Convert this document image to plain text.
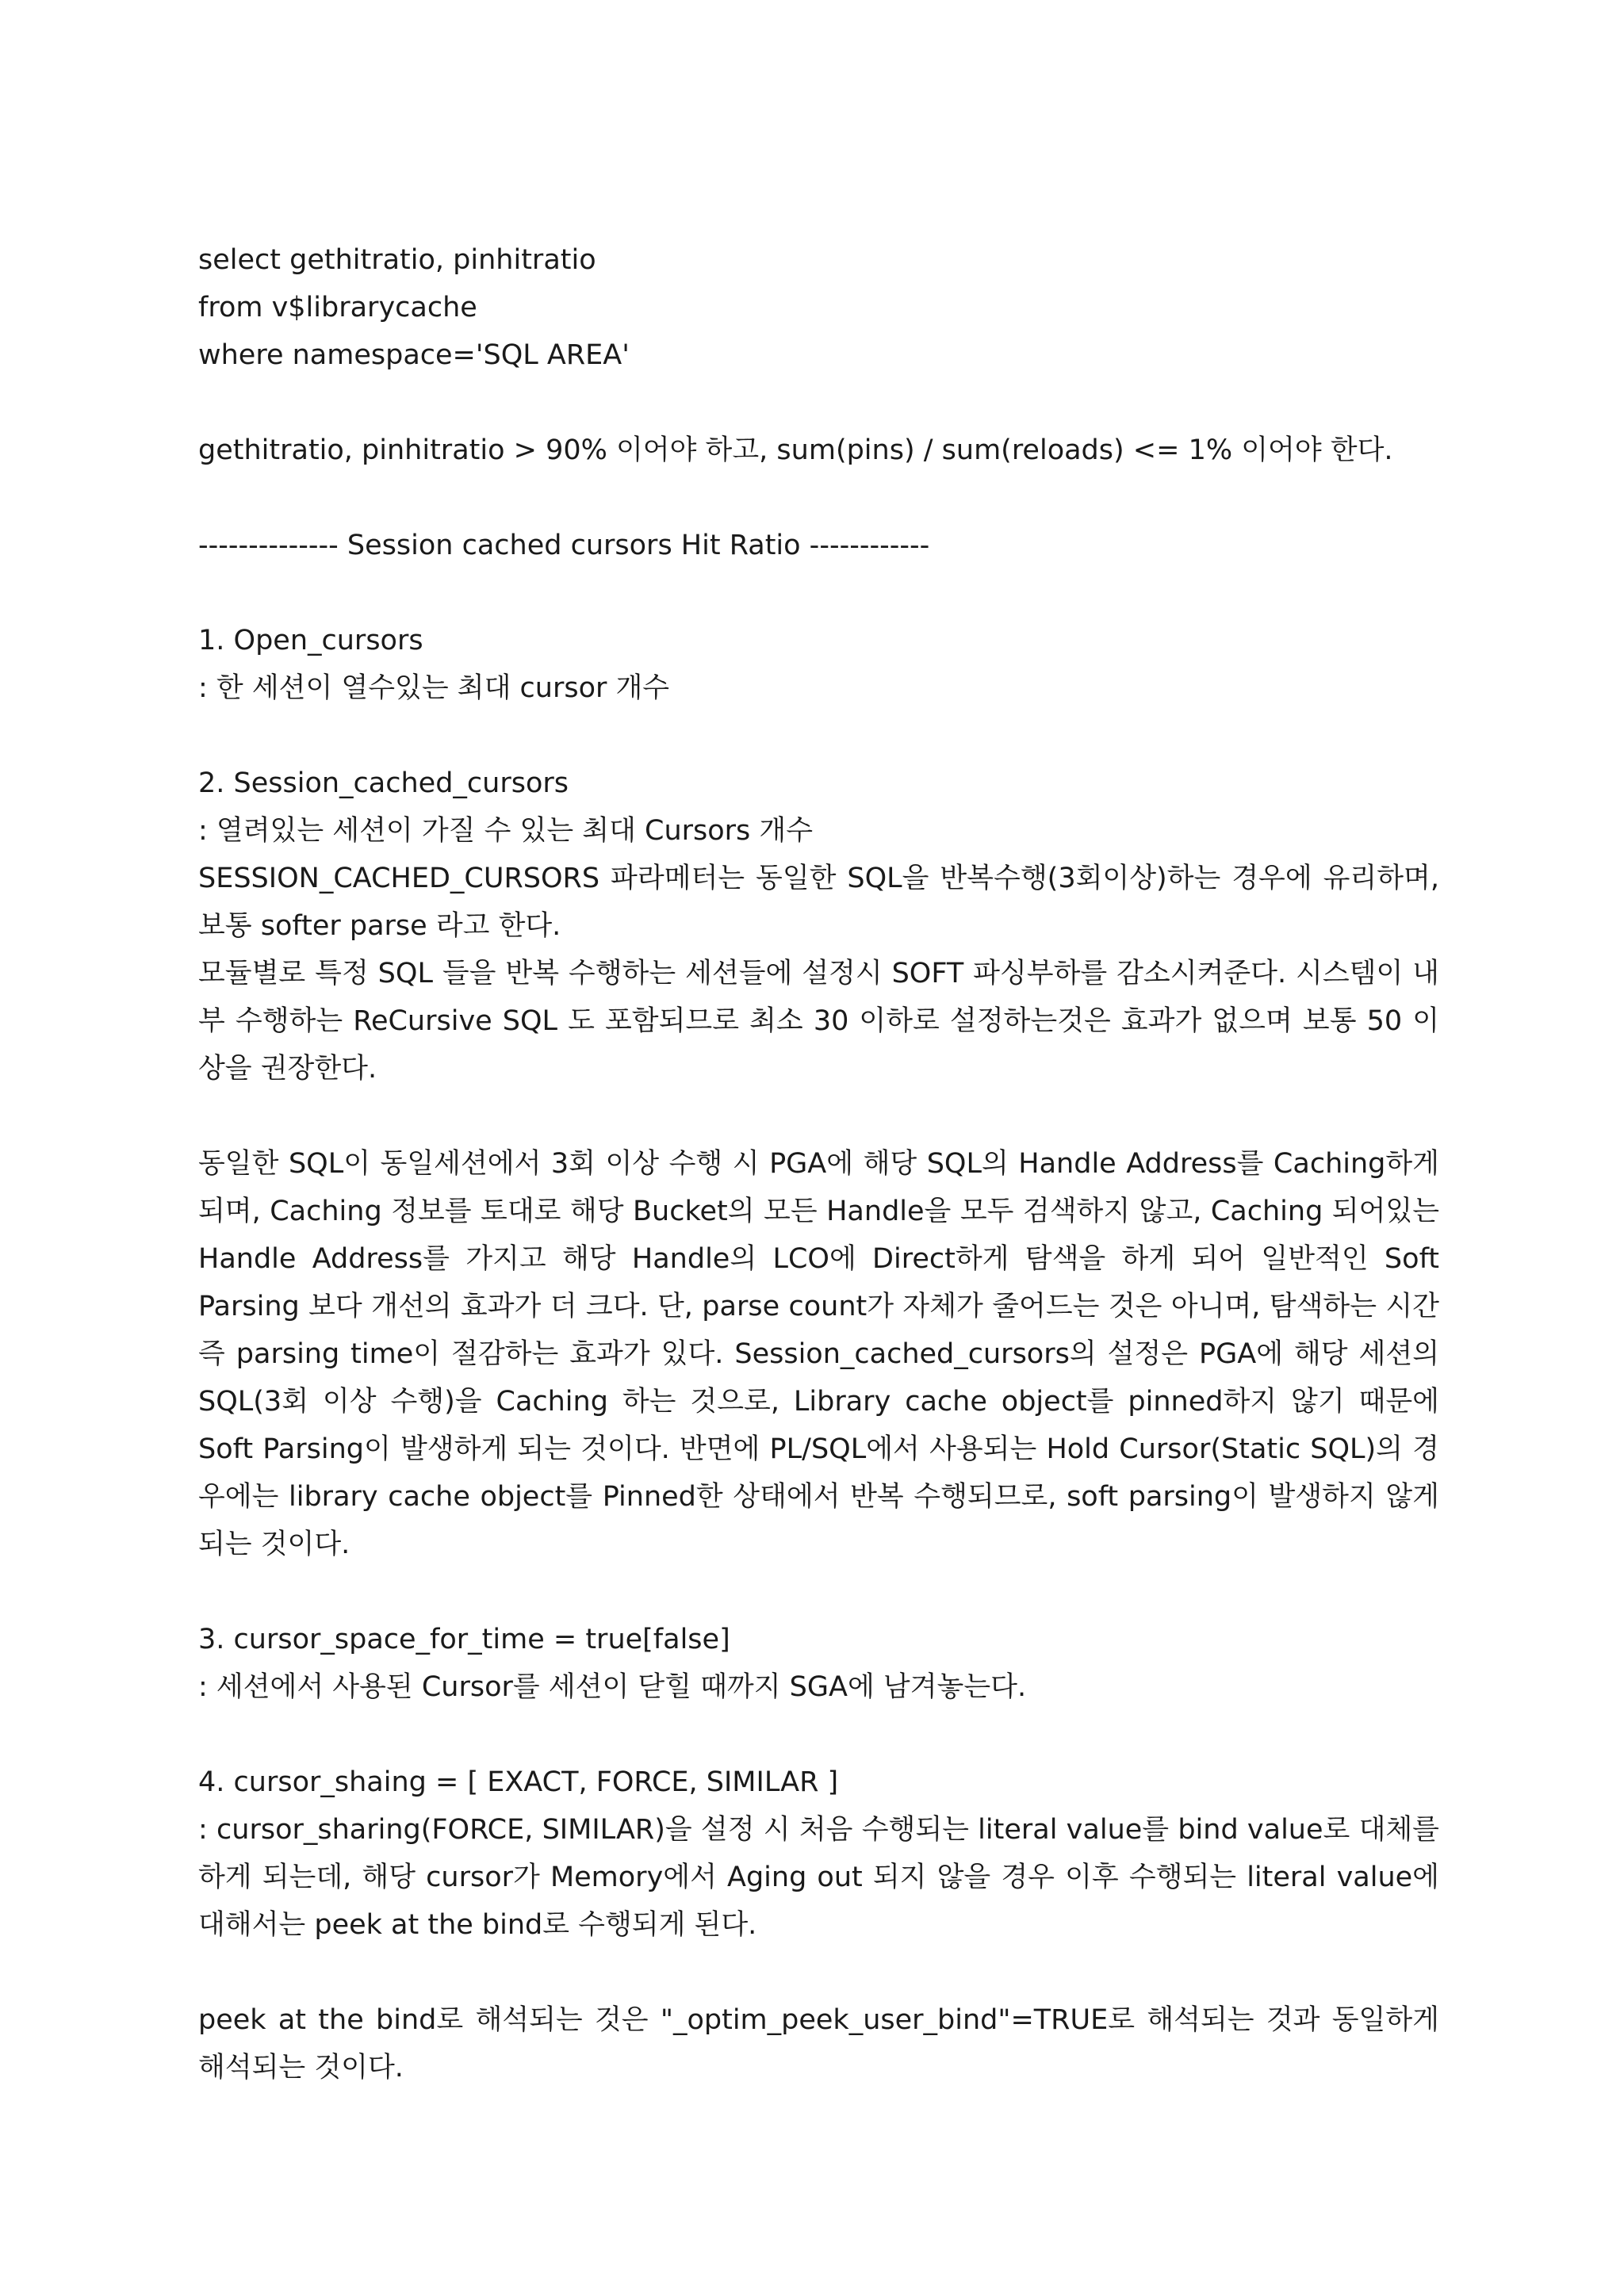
select gethitratio, pinhitratio
from v$librarycache
where namespace='SQL AREA'
gethitratio, pinhitratio > 90% 이어야 하고, sum(pins) / sum(reloads) <= 1% 이어야 한다.
-------------- Session cached cursors Hit Ratio ------------
1. Open_cursors
: 한 세션이 열수있는 최대 cursor 개수
2. Session_cached_cursors
: 열려있는 세션이 가질 수 있는 최대 Cursors 개수
SESSION_CACHED_CURSORS 파라메터는 동일한 SQL을 반복수행(3회이상)하는 경우에 유리하며, 보통 softer parse 라고 한다.
모듈별로 특정 SQL 들을 반복 수행하는 세션들에 설정시 SOFT 파싱부하를 감소시켜준다. 시스템이 내부 수행하는 ReCursive SQL 도 포함되므로 최소 30 이하로 설정하는것은 효과가 없으며 보통 50 이상을 권장한다.
동일한 SQL이 동일세션에서 3회 이상 수행 시 PGA에 해당 SQL의 Handle Address를 Caching하게 되며, Caching 정보를 토대로 해당 Bucket의 모든 Handle을 모두 검색하지 않고, Caching 되어있는 Handle Address를 가지고 해당 Handle의 LCO에 Direct하게 탐색을 하게 되어 일반적인 Soft Parsing 보다 개선의 효과가 더 크다. 단, parse count가 자체가 줄어드는 것은 아니며, 탐색하는 시간 즉 parsing time이 절감하는 효과가 있다. Session_cached_cursors의 설정은 PGA에 해당 세션의 SQL(3회 이상 수행)을 Caching 하는 것으로, Library cache object를 pinned하지 않기 때문에 Soft Parsing이 발생하게 되는 것이다. 반면에 PL/SQL에서 사용되는 Hold Cursor(Static SQL)의 경우에는 library cache object를 Pinned한 상태에서 반복 수행되므로, soft parsing이 발생하지 않게 되는 것이다.
3. cursor_space_for_time = true[false]
: 세션에서 사용된 Cursor를 세션이 닫힐 때까지 SGA에 남겨놓는다.
4. cursor_shaing = [ EXACT, FORCE, SIMILAR ]
: cursor_sharing(FORCE, SIMILAR)을 설정 시 처음 수행되는 literal value를 bind value로 대체를 하게 되는데, 해당 cursor가 Memory에서 Aging out 되지 않을 경우 이후 수행되는 literal value에 대해서는 peek at the bind로 수행되게 된다.
peek at the bind로 해석되는 것은 "_optim_peek_user_bind"=TRUE로 해석되는 것과 동일하게 해석되는 것이다.
